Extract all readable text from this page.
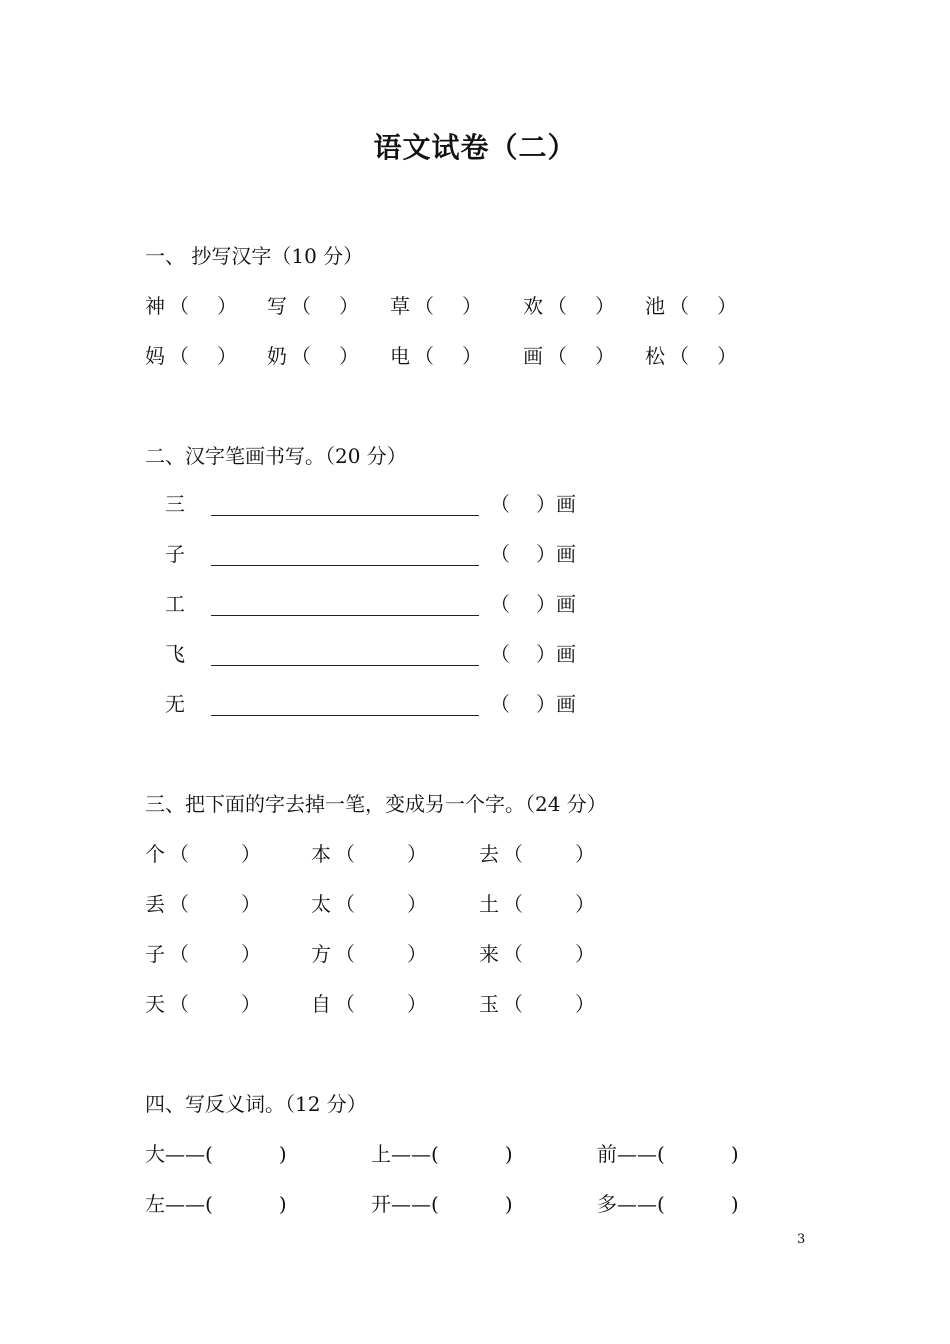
语文试卷（二）
一、 抄写汉字（10 分）
神 （ ） 写 （ ） 草 （ ） 欢 （ ） 池 （ ）
妈 （ ） 奶 （ ） 电 （ ） 画 （ ） 松 （ ）
二、汉字笔画书写。（20 分）
三	（ ）画
子	（ ）画
工	（ ）画
飞	（ ）画
无	（ ）画
三、把下面的字去掉一笔，变成另一个字。（24 分）
个 （	）	本 （	）	去 （	）
丢 （	）	太 （	）	土 （	）
子 （	）	方 （	）	来 （	）
天 （	）	自 （	）	玉 （	）
四、写反义词。（12 分）
大——(	)	上——(	)	前——(	)
左——(	)	开——(	)	多——(	)
3
